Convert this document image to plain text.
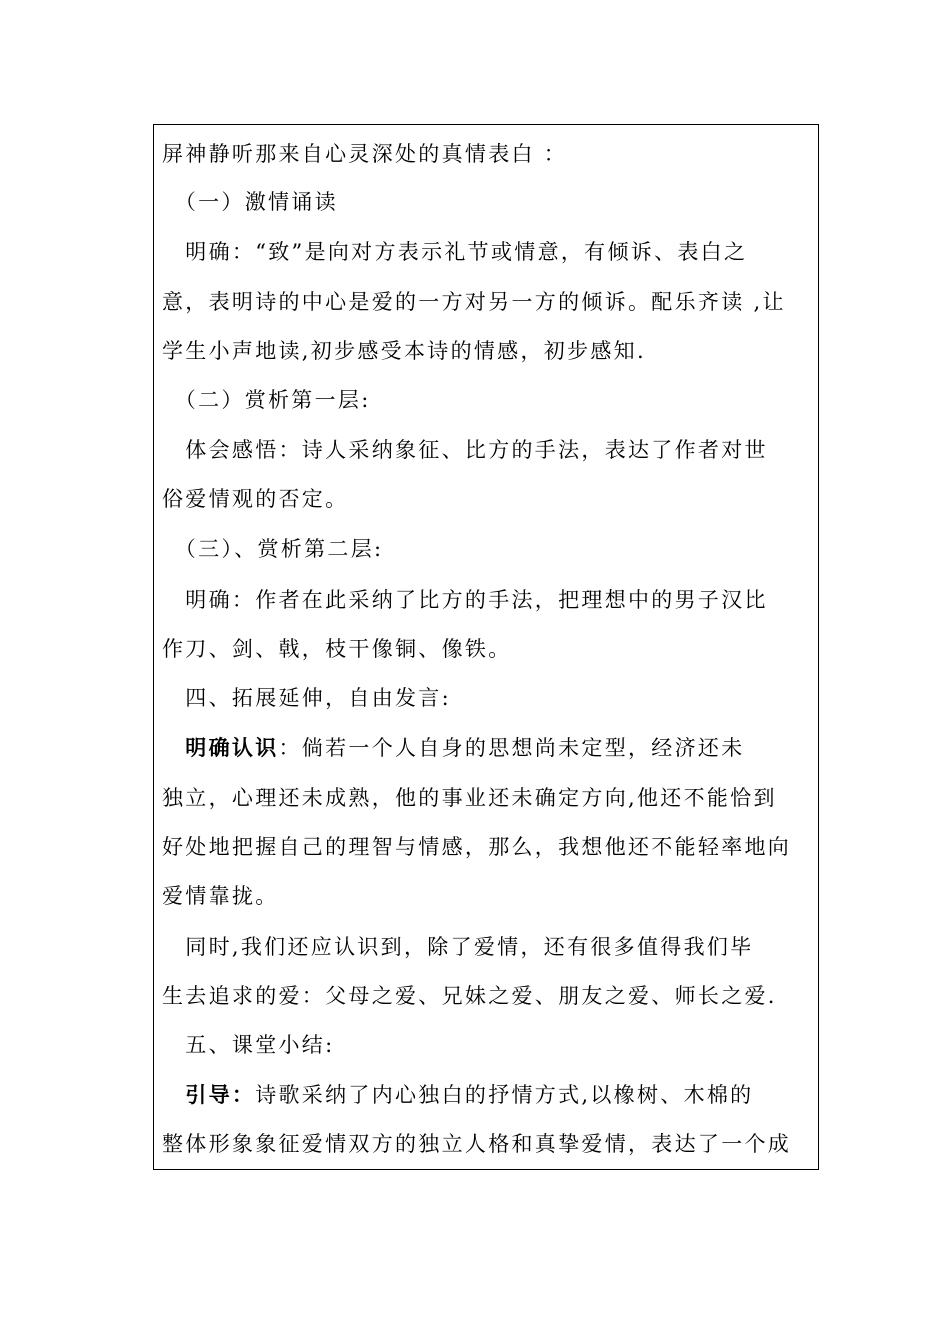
屏神静听那来自心灵深处的真情表白 ：
　（一）激情诵读
　明确：“致”是向对方表示礼节或情意，有倾诉、表白之
意，表明诗的中心是爱的一方对另一方的倾诉。配乐齐读 ,让
学生小声地读,初步感受本诗的情感，初步感知.
　（二）赏析第一层:
　体会感悟：诗人采纳象征、比方的手法，表达了作者对世
俗爱情观的否定。
　（三）、赏析第二层:
　明确：作者在此采纳了比方的手法，把理想中的男子汉比
作刀、剑、戟，枝干像铜、像铁。
　四、拓展延伸，自由发言:
　明确认识：倘若一个人自身的思想尚未定型，经济还未
独立，心理还未成熟，他的事业还未确定方向,他还不能恰到
好处地把握自己的理智与情感，那么，我想他还不能轻率地向
爱情靠拢。
　同时,我们还应认识到，除了爱情，还有很多值得我们毕
生去追求的爱：父母之爱、兄妹之爱、朋友之爱、师长之爱.
　五、课堂小结:
　引导：诗歌采纳了内心独白的抒情方式,以橡树、木棉的
整体形象象征爱情双方的独立人格和真挚爱情，表达了一个成
